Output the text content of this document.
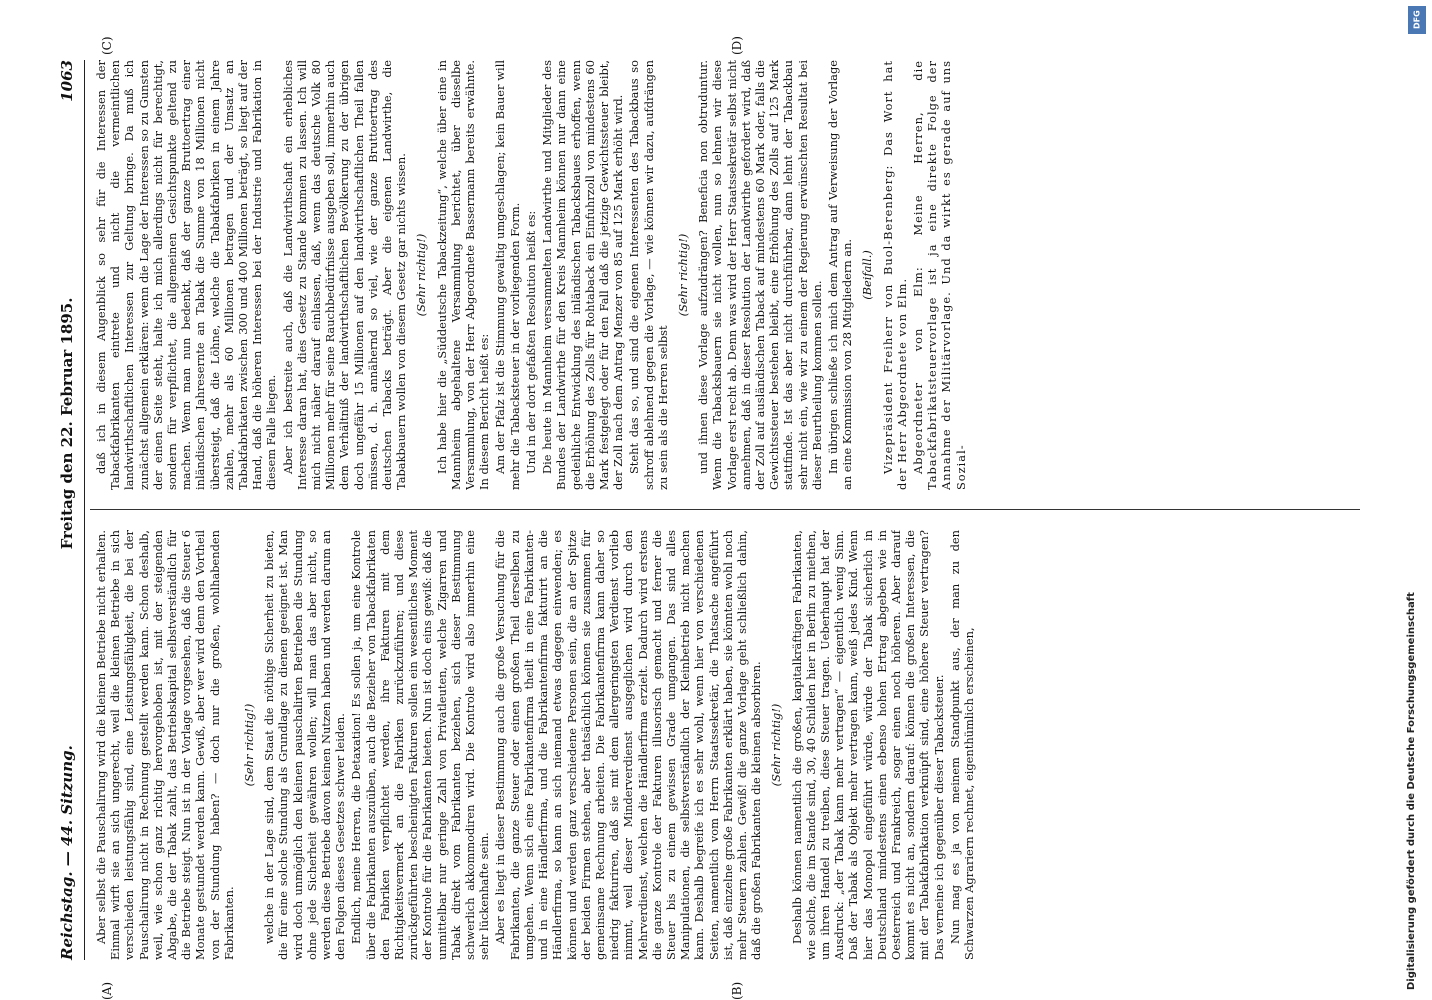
Reichstag. — 44. Sitzung.
Freitag den 22. Februar 1895.
1063
(A)	(B)
(C)	(D)

Aber selbst die Pauschalirung wird die kleinen Betriebe nicht erhalten. Einmal wirft sie an sich ungerecht, weil die kleinen Betriebe in sich verschieden leistungsfähig sind, eine Leistungsfähigkeit, die bei der Pauschalirung nicht in Rechnung gestellt werden kann. Schon deshalb, weil, wie schon ganz richtig hervorgehoben ist, mit der steigenden Abgabe, die der Tabak zahlt, das Betriebskapital selbstverständlich für die Betriebe steigt. Nun ist in der Vorlage vorgesehen, daß die Steuer 6 Monate gestundet werden kann. Gewiß, aber wer wird denn den Vortheil von der Stundung haben? — doch nur die großen, wohlhabenden Fabrikanten.

(Sehr richtig!) welche in der Lage sind, dem Staat die nöthige Sicherheit zu bieten, die für eine solche Stundung als Grundlage zu dienen geeignet ist. Man wird doch unmöglich den kleinen pauschalirten Betrieben die Stundung ohne jede Sicherheit gewähren wollen; will man das aber nicht, so werden diese Betriebe davon keinen Nutzen haben und werden darum an den Folgen dieses Gesetzes schwer leiden. Endlich, meine Herren, die Detaxation! Es sollen ja, um eine Kontrole über die Fabrikanten auszuüben, auch die Bezieher von Tabackfabrikaten den Fabriken verpflichtet werden, ihre Fakturen mit dem Richtigkeitsvermerk an die Fabriken zurückzuführen; und diese zurückgeführten bescheinigten Fakturen sollen ein wesentliches Moment der Kontrole für die Fabrikanten bieten. Nun ist doch eins gewiß: daß die unmittelbar nur geringe Zahl von Privatleuten, welche Zigarren und Tabak direkt vom Fabrikanten beziehen, sich dieser Bestimmung schwerlich akkommodiren wird. Die Kontrole wird also immerhin eine sehr lückenhafte sein. Aber es liegt in dieser Bestimmung auch die große Versuchung für die Fabrikanten, die ganze Steuer oder einen großen Theil derselben zu umgehen. Wenn sich eine Fabrikantenfirma theilt in eine Fabrikanten- und in eine Händlerfirma, und die Fabrikantenfirma fakturirt an die Händlerfirma, so kann an sich niemand etwas dagegen einwenden; es können und werden ganz verschiedene Personen sein, die an der Spitze der beiden Firmen stehen, aber thatsächlich können sie zusammen für gemeinsame Rechnung arbeiten. Die Fabrikantenfirma kann daher so niedrig fakturiren, daß sie mit dem allergeringsten Verdienst vorlieb nimmt, weil dieser Minderverdienst ausgeglichen wird durch den Mehrverdienst, welchen die Händlerfirma erzielt. Dadurch wird erstens die ganze Kontrole der Fakturen illusorisch gemacht und ferner die Steuer bis zu einem gewissen Grade umgangen. Das sind alles Manipulationen, die selbstverständlich der Kleinbetrieb nicht machen kann. Deshalb begreife ich es sehr wohl, wenn hier von verschiedenen Seiten, namentlich vom Herrn Staatssekretär, die Thatsache angeführt ist, daß einzelne große Fabrikanten erklärt haben, sie könnten wohl noch mehr Steuern zahlen. Gewiß! die ganze Vorlage geht schließlich dahin, daß die großen Fabrikanten die kleinen absorbiren. (Sehr richtig!) Deshalb können namentlich die großen, kapitalkräftigen Fabrikanten, wie solche, die im Stande sind, 30, 40 Schilden hier in Berlin zu miethen, um ihren Handel zu treiben, diese Steuer tragen. Ueberhaupt hat der Ausdruck: „der Tabak kann mehr vertragen“ — eigentlich wenig Sinn. Daß der Tabak als Objekt mehr vertragen kann, weiß jedes Kind. Wenn hier das Monopol eingeführt würde, würde der Tabak sicherlich in Deutschland mindestens einen ebenso hohen Ertrag abgeben wie in Oesterreich und Frankreich, sogar einen noch höheren. Aber darauf kommt es nicht an, sondern darauf: können die großen Interessen, die mit der Tabakfabrikation verknüpft sind, eine höhere Steuer vertragen? Das verneine ich gegenüber dieser Tabacksteuer. Nun mag es ja von meinem Standpunkt aus, der man zu den Schwarzen Agrariern rechnet, eigenthümlich erscheinen,

daß ich in diesem Augenblick so sehr für die Interessen der Tabackfabrikanten eintrete und nicht die vermeintlichen landwirthschaftlichen Interessen zur Geltung bringe. Da muß ich zunächst allgemein erklären: wenn die Lage der Interessen so zu Gunsten der einen Seite steht, halte ich mich allerdings nicht für berechtigt, sondern für verpflichtet, die allgemeinen Gesichtspunkte geltend zu machen. Wenn man nun bedenkt, daß der ganze Bruttoertrag einer inländischen Jahresernte an Tabak die Summe von 18 Millionen nicht übersteigt, daß die Löhne, welche die Tabakfabriken in einem Jahre zahlen, mehr als 60 Millionen betragen und der Umsatz an Tabakfabrikaten zwischen 300 und 400 Millionen beträgt, so liegt auf der Hand, daß die höheren Interessen bei der Industrie und Fabrikation in diesem Falle liegen. Aber ich bestreite auch, daß die Landwirthschaft ein erhebliches Interesse daran hat, dies Gesetz zu Stande kommen zu lassen. Ich will mich nicht näher darauf einlassen, daß, wenn das deutsche Volk 80 Millionen mehr für seine Rauchbedürfnisse ausgeben soll, immerhin auch dem Verhältniß der landwirthschaftlichen Bevölkerung zu der übrigen doch ungefähr 15 Millionen auf den landwirthschaftlichen Theil fallen müssen, d. h. annähernd so viel, wie der ganze Bruttoertrag des deutschen Tabacks beträgt. Aber die eigenen Landwirthe, die Tabakbauern wollen von diesem Gesetz gar nichts wissen. (Sehr richtig!) Ich habe hier die „Süddeutsche Tabackzeitung“, welche über eine in Mannheim abgehaltene Versammlung berichtet, über dieselbe Versammlung, von der Herr Abgeordnete Bassermann bereits erwähnte. In diesem Bericht heißt es: Am der Pfalz ist die Stimmung gewaltig umgeschlagen; kein Bauer will mehr die Tabacksteuer in der vorliegenden Form. Und in der dort gefaßten Resolution heißt es: Die heute in Mannheim versammelten Landwirthe und Mitglieder des Bundes der Landwirthe für den Kreis Mannheim können nur dann eine gedeihliche Entwicklung des inländischen Tabacksbaues erhoffen, wenn die Erhöhung des Zolls für Rohtaback ein Einfuhrzoll von mindestens 60 Mark festgelegt oder für den Fall daß die jetzige Gewichtssteuer bleibt, der Zoll nach dem Antrag Menzer von 85 auf 125 Mark erhöht wird. Steht das so, und sind die eigenen Interessenten des Tabackbaus so schroff ablehnend gegen die Vorlage, — wie können wir dazu, aufdrängen zu sein als die Herren selbst

(Sehr richtig!) und ihnen diese Vorlage aufzudrängen? Beneficia non obtruduntur. Wenn die Tabacksbauern sie nicht wollen, nun so lehnen wir diese Vorlage erst recht ab. Denn was wird der Herr Staatssekretär selbst nicht annehmen, daß in dieser Resolution der Landwirthe gefordert wird, daß der Zoll auf ausländischen Taback auf mindestens 60 Mark oder, falls die Gewichtssteuer bestehen bleibt, eine Erhöhung des Zolls auf 125 Mark stattfinde. Ist das aber nicht durchführbar, dann lehnt der Tabackbau sehr nicht ein, wie wir zu einem der Regierung erwünschten Resultat bei dieser Beurtheilung kommen sollen. Im übrigen schließe ich mich dem Antrag auf Verweisung der Vorlage an eine Kommission von 28 Mitgliedern an. (Beifall.) Vizepräsident Freiherr von Buol-Berenberg: Das Wort hat der Herr Abgeordnete von Elm. Abgeordneter von Elm: Meine Herren, die Tabackfabrikatsteuervorlage ist ja eine direkte Folge der Annahme der Militärvorlage. Und da wirkt es gerade auf uns Sozial-

Digitalisierung gefördert durch die Deutsche Forschungsgemeinschaft
DFG
